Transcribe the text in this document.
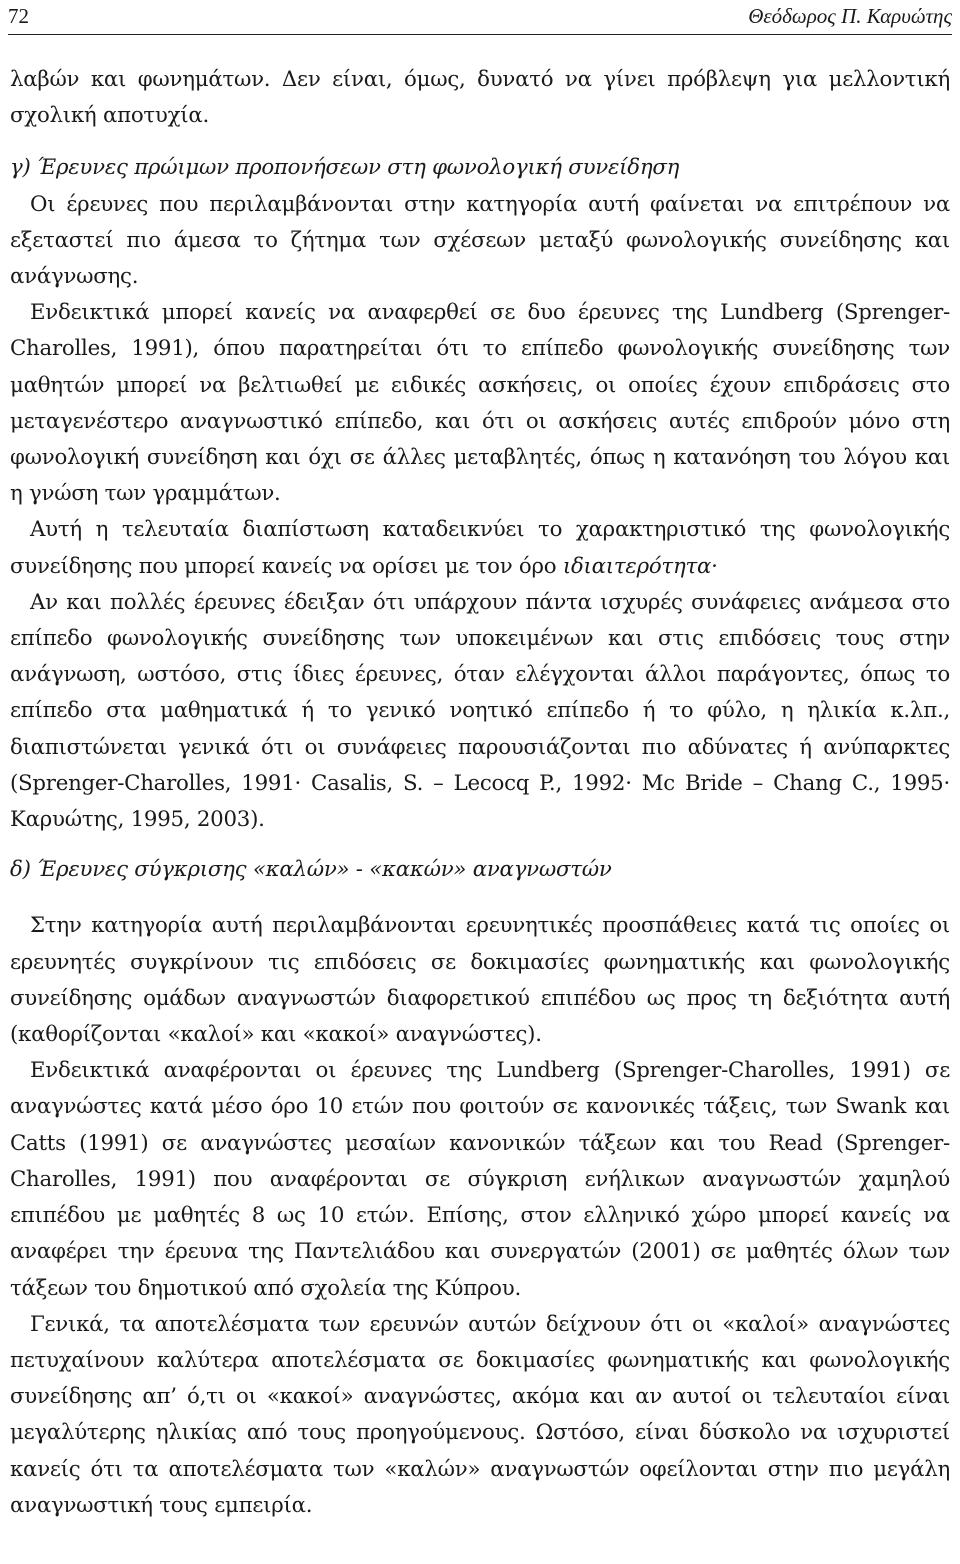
72	Θεόδωρος Π. Καρυώτης

λαβών και φωνημάτων. Δεν είναι, όμως, δυνατό να γίνει πρόβλεψη για μελλοντική σχολική αποτυχία.

γ) Έρευνες πρώιμων προπονήσεων στη φωνολογική συνείδηση

Οι έρευνες που περιλαμβάνονται στην κατηγορία αυτή φαίνεται να επιτρέπουν να εξεταστεί πιο άμεσα το ζήτημα των σχέσεων μεταξύ φωνολογικής συνείδησης και ανάγνωσης.

Ενδεικτικά μπορεί κανείς να αναφερθεί σε δυο έρευνες της Lundberg (Sprenger-Charolles, 1991), όπου παρατηρείται ότι το επίπεδο φωνολογικής συνείδησης των μαθητών μπορεί να βελτιωθεί με ειδικές ασκήσεις, οι οποίες έχουν επιδράσεις στο μεταγενέστερο αναγνωστικό επίπεδο, και ότι οι ασκήσεις αυτές επιδρούν μόνο στη φωνολογική συνείδηση και όχι σε άλλες μεταβλητές, όπως η κατανόηση του λόγου και η γνώση των γραμμάτων.

Αυτή η τελευταία διαπίστωση καταδεικνύει το χαρακτηριστικό της φωνολογικής συνείδησης που μπορεί κανείς να ορίσει με τον όρο ιδιαιτερότητα·

Αν και πολλές έρευνες έδειξαν ότι υπάρχουν πάντα ισχυρές συνάφειες ανάμεσα στο επίπεδο φωνολογικής συνείδησης των υποκειμένων και στις επιδόσεις τους στην ανάγνωση, ωστόσο, στις ίδιες έρευνες, όταν ελέγχονται άλλοι παράγοντες, όπως το επίπεδο στα μαθηματικά ή το γενικό νοητικό επίπεδο ή το φύλο, η ηλικία κ.λπ., διαπιστώνεται γενικά ότι οι συνάφειες παρουσιάζονται πιο αδύνατες ή ανύπαρκτες (Sprenger-Charolles, 1991· Casalis, S. – Lecocq P., 1992· Mc Bride – Chang C., 1995· Καρυώτης, 1995, 2003).

δ) Έρευνες σύγκρισης «καλών» - «κακών» αναγνωστών

Στην κατηγορία αυτή περιλαμβάνονται ερευνητικές προσπάθειες κατά τις οποίες οι ερευνητές συγκρίνουν τις επιδόσεις σε δοκιμασίες φωνηματικής και φωνολογικής συνείδησης ομάδων αναγνωστών διαφορετικού επιπέδου ως προς τη δεξιότητα αυτή (καθορίζονται «καλοί» και «κακοί» αναγνώστες).

Ενδεικτικά αναφέρονται οι έρευνες της Lundberg (Sprenger-Charolles, 1991) σε αναγνώστες κατά μέσο όρο 10 ετών που φοιτούν σε κανονικές τάξεις, των Swank και Catts (1991) σε αναγνώστες μεσαίων κανονικών τάξεων και του Read (Sprenger-Charolles, 1991) που αναφέρονται σε σύγκριση ενήλικων αναγνωστών χαμηλού επιπέδου με μαθητές 8 ως 10 ετών. Επίσης, στον ελληνικό χώρο μπορεί κανείς να αναφέρει την έρευνα της Παντελιάδου και συνεργατών (2001) σε μαθητές όλων των τάξεων του δημοτικού από σχολεία της Κύπρου.

Γενικά, τα αποτελέσματα των ερευνών αυτών δείχνουν ότι οι «καλοί» αναγνώστες πετυχαίνουν καλύτερα αποτελέσματα σε δοκιμασίες φωνηματικής και φωνολογικής συνείδησης απ’ ό,τι οι «κακοί» αναγνώστες, ακόμα και αν αυτοί οι τελευταίοι είναι μεγαλύτερης ηλικίας από τους προηγούμενους. Ωστόσο, είναι δύσκολο να ισχυριστεί κανείς ότι τα αποτελέσματα των «καλών» αναγνωστών οφείλονται στην πιο μεγάλη αναγνωστική τους εμπειρία.
